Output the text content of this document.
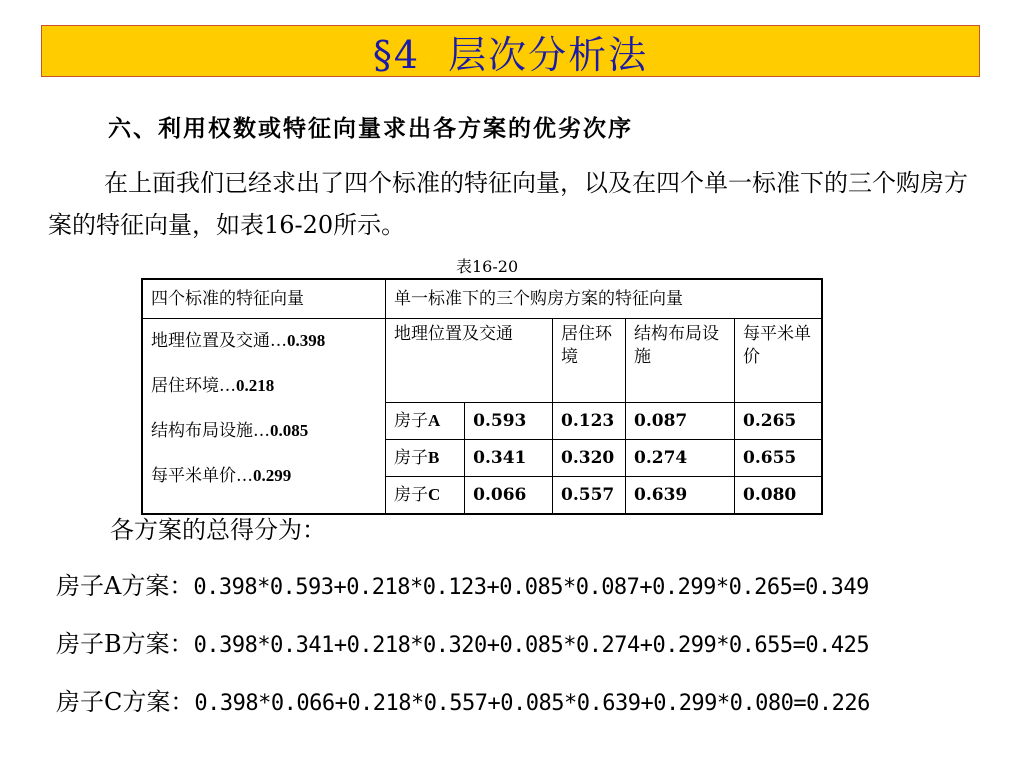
§4  层次分析法
六、利用权数或特征向量求出各方案的优劣次序
在上面我们已经求出了四个标准的特征向量，以及在四个单一标准下的三个购房方案的特征向量，如表16-20所示。
表16-20
四个标准的特征向量	单一标准下的三个购房方案的特征向量				

地理位置及交通…0.398
居住环境…0.218
结构布局设施…0.085
每平米单价…0.299	地理位置及交通		居住环境	结构布局设施	每平米单价
	房子A	0.593	0.123	0.087	0.265
	房子B	0.341	0.320	0.274	0.655
	房子C	0.066	0.557	0.639	0.080
各方案的总得分为：
房子A方案：0.398*0.593+0.218*0.123+0.085*0.087+0.299*0.265=0.349
房子B方案：0.398*0.341+0.218*0.320+0.085*0.274+0.299*0.655=0.425
房子C方案：0.398*0.066+0.218*0.557+0.085*0.639+0.299*0.080=0.226
